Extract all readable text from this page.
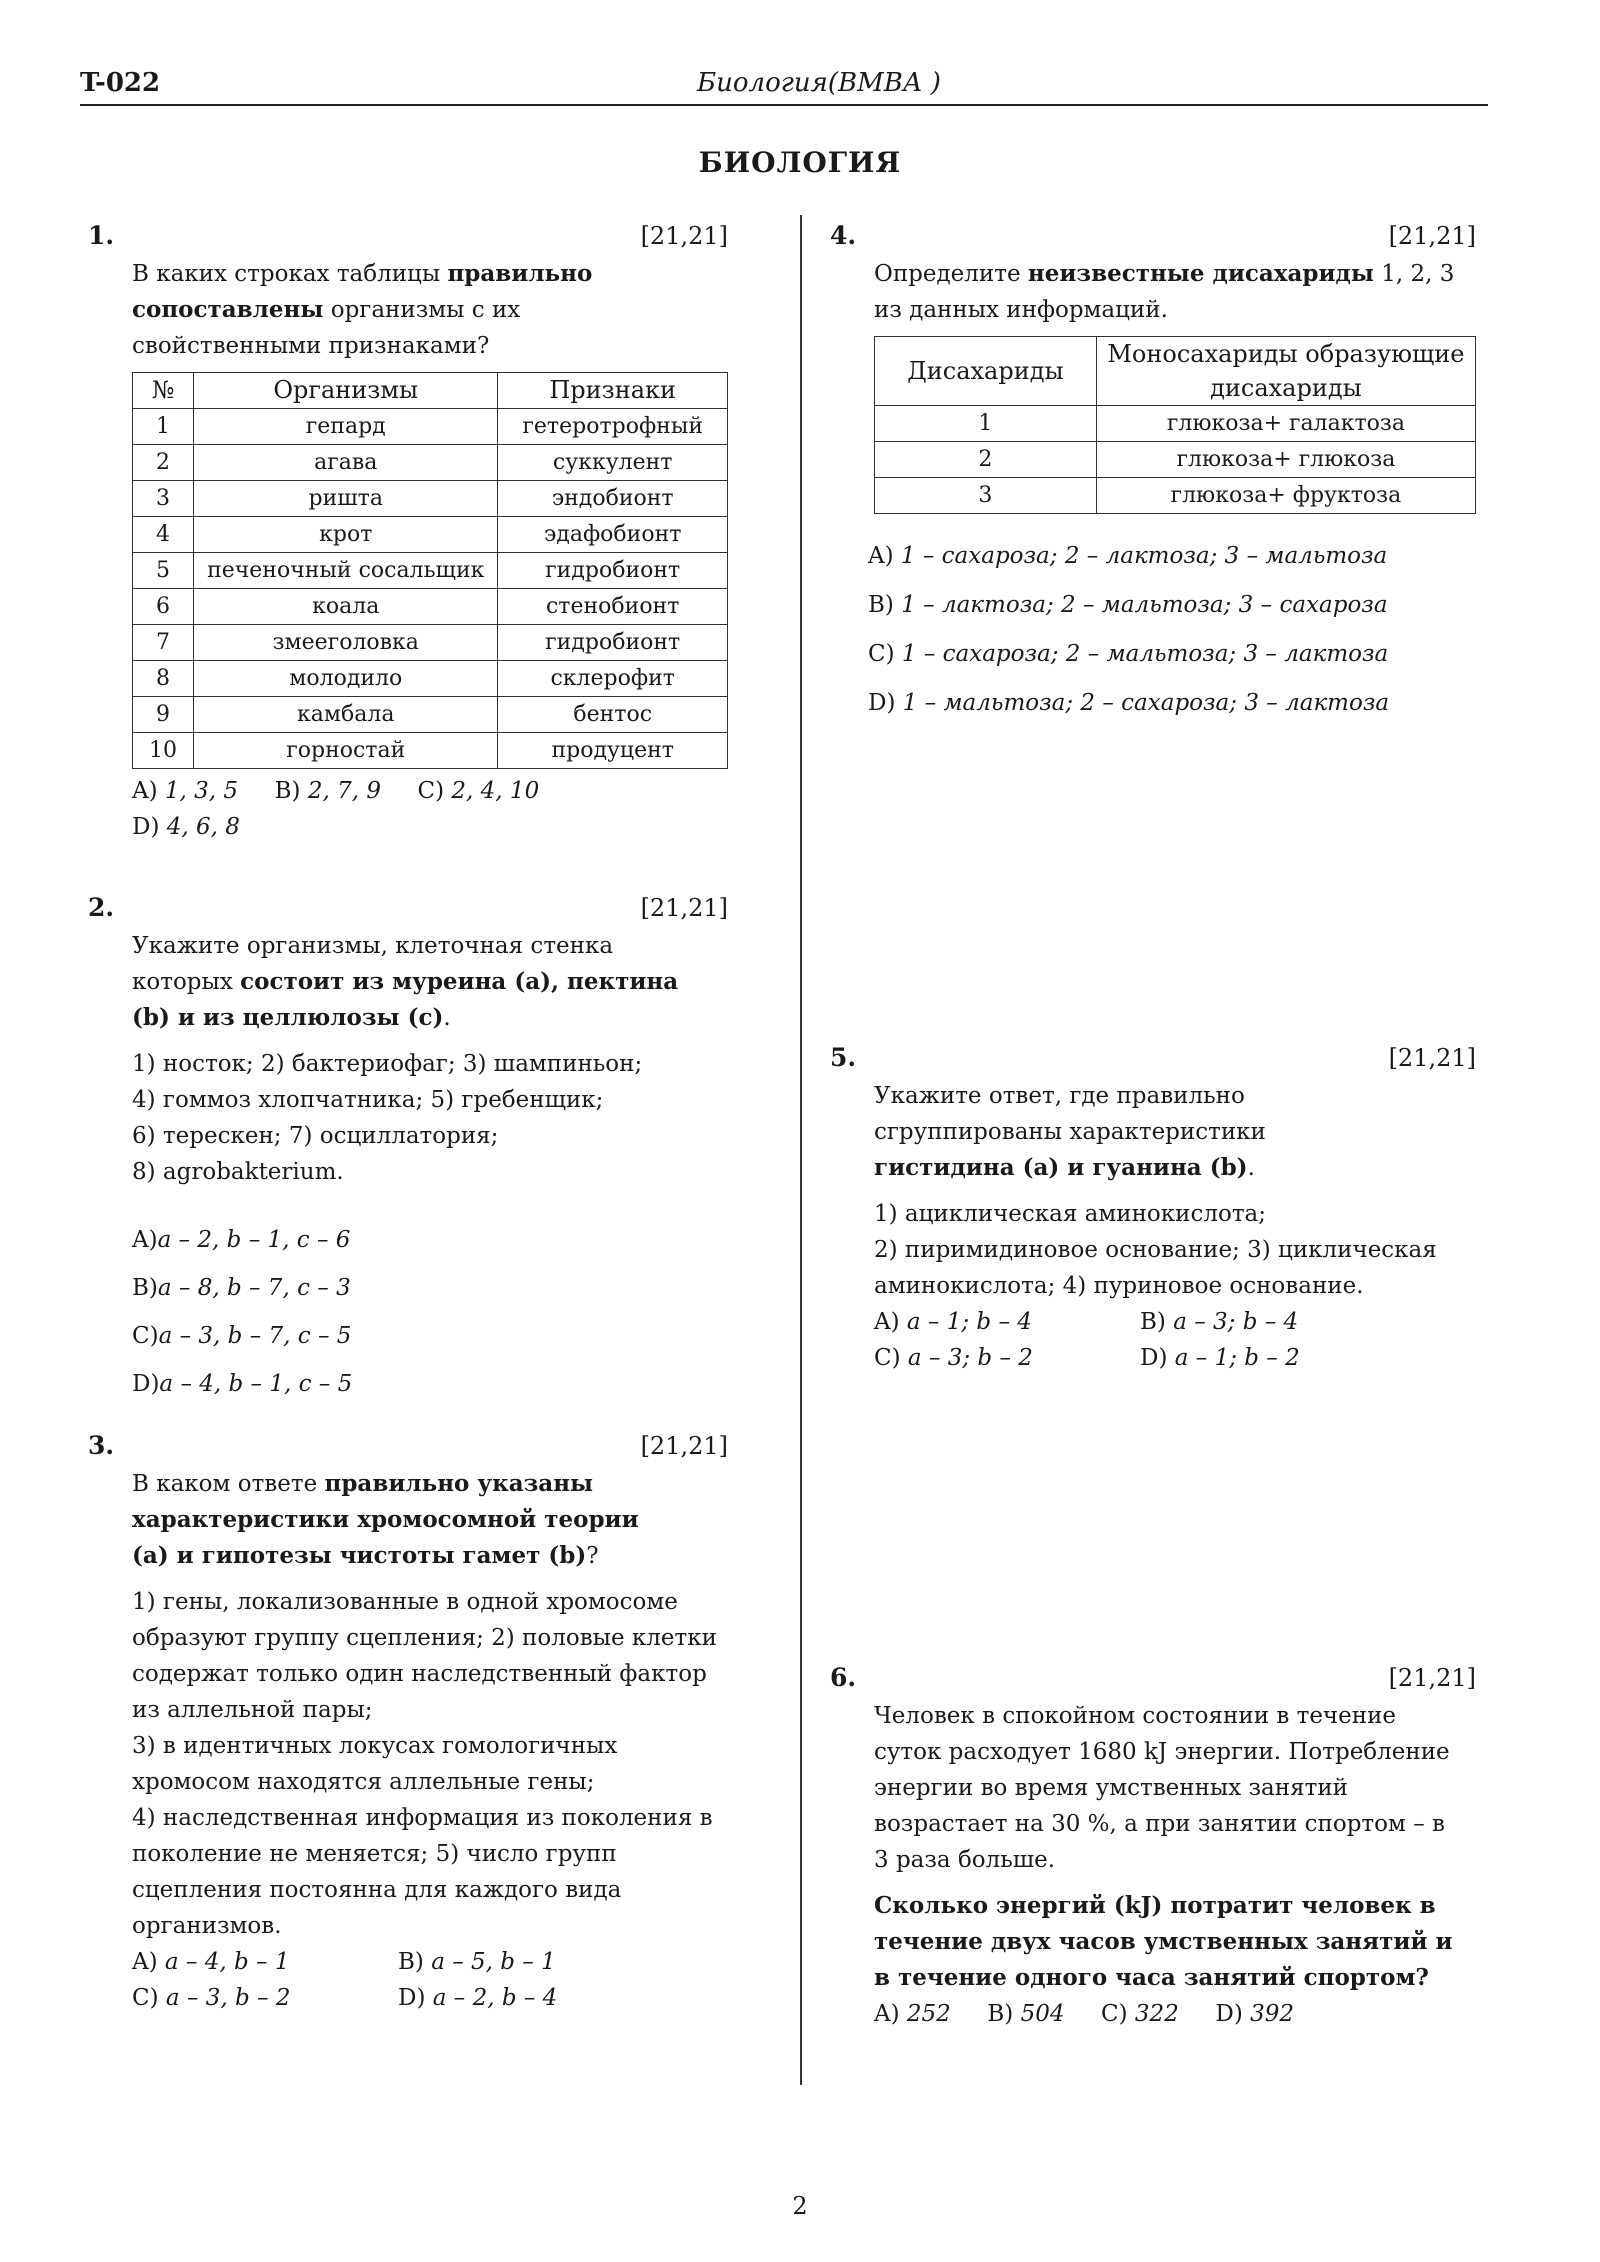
T-022	Биология(ВМВА )
БИОЛОГИЯ
1.	[21,21]

В каких строках таблицы правильно сопоставлены организмы с их свойственными признаками?

№	Организмы	Признаки
1	гепард	гетеротрофный
2	агава	суккулент
3	ришта	эндобионт
4	крот	эдафобионт
5	печеночный сосальщик	гидробионт
6	коала	стенобионт
7	змееголовка	гидробионт
8	молодило	склерофит
9	камбала	бентос
10	горностай	продуцент
A) 1, 3, 5 B) 2, 7, 9 C) 2, 4, 10
D) 4, 6, 8
2.	[21,21]

Укажите организмы, клеточная стенка которых состоит из муреина (a), пектина (b) и из целлюлозы (c).

1) носток; 2) бактериофаг; 3) шампиньон;
4) гоммоз хлопчатника; 5) гребенщик;
6) терескен; 7) осциллатория;
8) agrobakterium.
A)a – 2, b – 1, c – 6
B)a – 8, b – 7, c – 3
C)a – 3, b – 7, c – 5
D)a – 4, b – 1, c – 5
3.	[21,21]

В каком ответе правильно указаны характеристики хромосомной теории (a) и гипотезы чистоты гамет (b)?

1) гены, локализованные в одной хромосоме образуют группу сцепления; 2) половые клетки содержат только один наследственный фактор из аллельной пары;
3) в идентичных локусах гомологичных хромосом находятся аллельные гены;
4) наследственная информация из поколения в поколение не меняется; 5) число групп сцепления постоянна для каждого вида организмов.
A) a – 4, b – 1	B) a – 5, b – 1
C) a – 3, b – 2	D) a – 2, b – 4
4.	[21,21]

Определите неизвестные дисахариды 1, 2, 3 из данных информаций.

Дисахариды	Моносахариды образующие дисахариды
1	глюкоза+ галактоза
2	глюкоза+ глюкоза
3	глюкоза+ фруктоза
A) 1 – сахароза; 2 – лактоза; 3 – мальтоза
B) 1 – лактоза; 2 – мальтоза; 3 – сахароза
C) 1 – сахароза; 2 – мальтоза; 3 – лактоза
D) 1 – мальтоза; 2 – сахароза; 3 – лактоза
5.	[21,21]

Укажите ответ, где правильно сгруппированы характеристики гистидина (a) и гуанина (b).

1) ациклическая аминокислота;
2) пиримидиновое основание; 3) циклическая аминокислота; 4) пуриновое основание.
A) a – 1; b – 4	B) a – 3; b – 4
C) a – 3; b – 2	D) a – 1; b – 2
6.	[21,21]

Человек в спокойном состоянии в течение суток расходует 1680 kJ энергии. Потребление энергии во время умственных занятий возрастает на 30 %, а при занятии спортом – в 3 раза больше.

Сколько энергий (kJ) потратит человек в течение двух часов умственных занятий и в течение одного часа занятий спортом?

A) 252 B) 504 C) 322 D) 392
2
